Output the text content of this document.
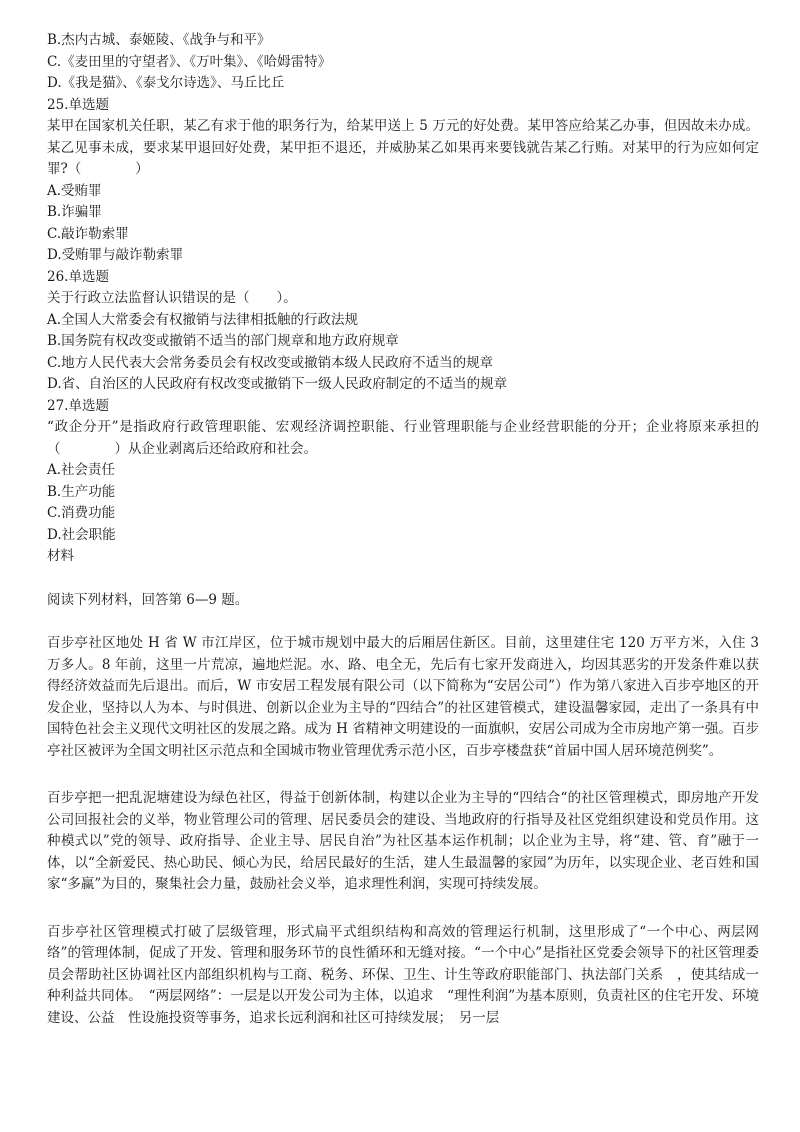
B.杰内古城、泰姬陵、《战争与和平》
C.《麦田里的守望者》、《万叶集》、《哈姆雷特》
D.《我是猫》、《泰戈尔诗选》、马丘比丘
25.单选题
某甲在国家机关任职，某乙有求于他的职务行为，给某甲送上 5 万元的好处费。某甲答应给某乙办事，但因故未办成。某乙见事未成，要求某甲退回好处费，某甲拒不退还，并威胁某乙如果再来要钱就告某乙行贿。对某甲的行为应如何定罪?（　　　　）
A.受贿罪
B.诈骗罪
C.敲诈勒索罪
D.受贿罪与敲诈勒索罪
26.单选题
关于行政立法监督认识错误的是（　　）。
A.全国人大常委会有权撤销与法律相抵触的行政法规
B.国务院有权改变或撤销不适当的部门规章和地方政府规章
C.地方人民代表大会常务委员会有权改变或撤销本级人民政府不适当的规章
D.省、自治区的人民政府有权改变或撤销下一级人民政府制定的不适当的规章
27.单选题
“政企分开”是指政府行政管理职能、宏观经济调控职能、行业管理职能与企业经营职能的分开；企业将原来承担的（　　　　）从企业剥离后还给政府和社会。
A.社会责任
B.生产功能
C.消费功能
D.社会职能
材料
阅读下列材料，回答第 6—9 题。
百步亭社区地处 H 省 W 市江岸区，位于城市规划中最大的后厢居住新区。目前，这里建住宅 120 万平方米，入住 3 万多人。8 年前，这里一片荒凉，遍地烂泥。水、路、电全无，先后有七家开发商进入，均因其恶劣的开发条件难以获得经济效益而先后退出。而后，W 市安居工程发展有限公司（以下简称为“安居公司”）作为第八家进入百步亭地区的开发企业，坚持以人为本、与时俱进、创新以企业为主导的“四结合”的社区建管模式，建设温馨家园，走出了一条具有中国特色社会主义现代文明社区的发展之路。成为 H 省精神文明建设的一面旗帜，安居公司成为全市房地产第一强。百步亭社区被评为全国文明社区示范点和全国城市物业管理优秀示范小区，百步亭楼盘获“首届中国人居环境范例奖”。
百步亭把一把乱泥塘建设为绿色社区，得益于创新体制，构建以企业为主导的“四结合“的社区管理模式，即房地产开发公司回报社会的义举，物业管理公司的管理、居民委员会的建设、当地政府的行指导及社区党组织建设和党员作用。这种模式以”党的领导、政府指导、企业主导、居民自治”为社区基本运作机制；以企业为主导，将“建、管、育”融于一体，以“全新爱民、热心助民、倾心为民，给居民最好的生活，建人生最温馨的家园”为历年，以实现企业、老百姓和国家“多赢”为目的，聚集社会力量，鼓励社会义举，追求理性利润，实现可持续发展。
百步亭社区管理模式打破了层级管理，形式扁平式组织结构和高效的管理运行机制，这里形成了“一个中心、两层网络”的管理体制，促成了开发、管理和服务环节的良性循环和无缝对接。“一个中心”是指社区党委会领导下的社区管理委员会帮助社区协调社区内部组织机构与工商、税务、环保、卫生、计生等政府职能部门、执法部门关系　，使其结成一种利益共同体。　“两层网络”：一层是以开发公司为主体，以追求　“理性利润”为基本原则，负责社区的住宅开发、环境建设、公益　性设施投资等事务，追求长远利润和社区可持续发展；　另一层
